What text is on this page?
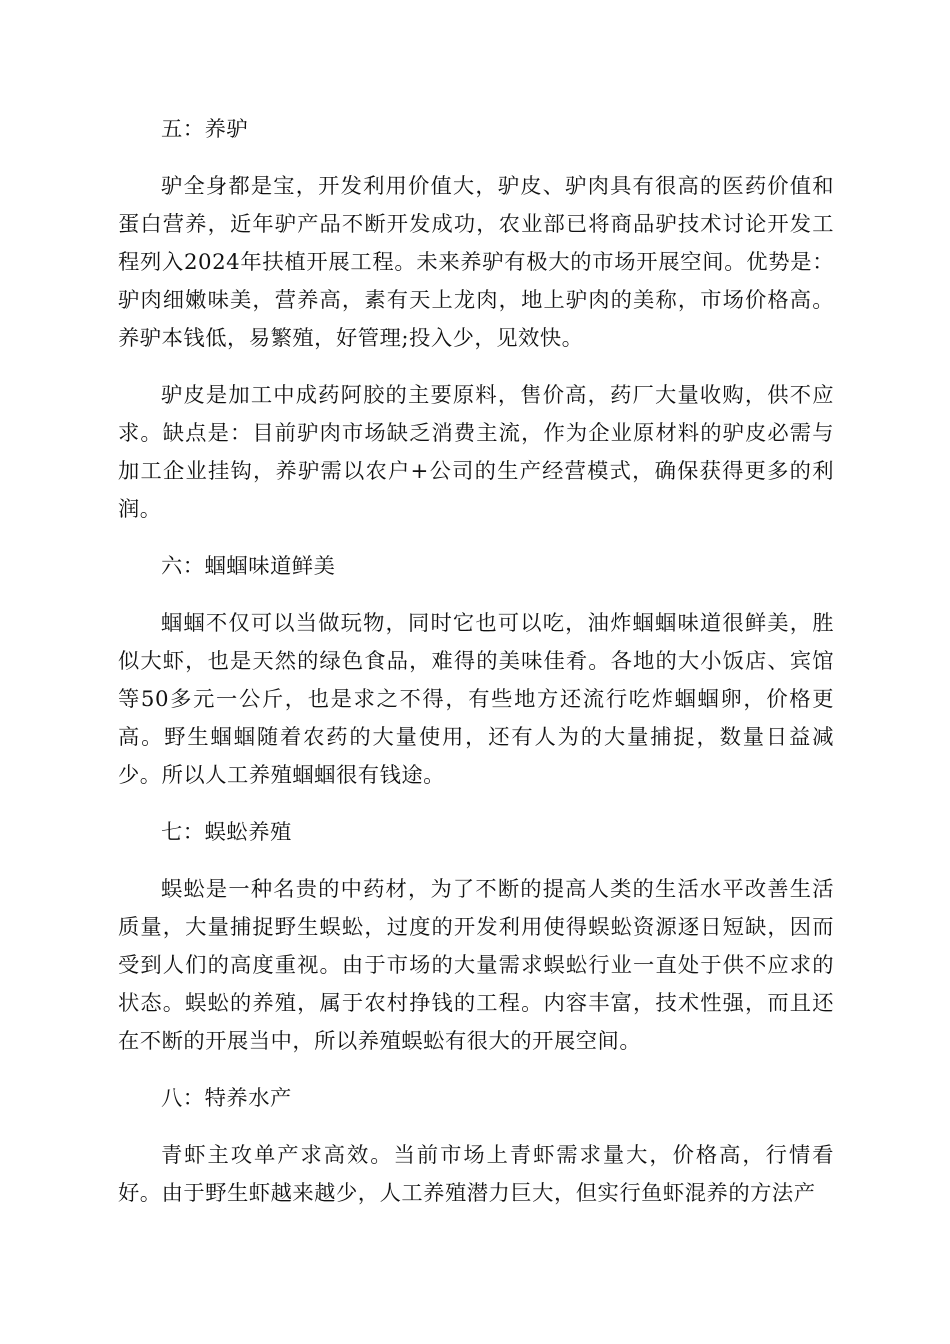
五：养驴

驴全身都是宝，开发利用价值大，驴皮、驴肉具有很高的医药价值和蛋白营养，近年驴产品不断开发成功，农业部已将商品驴技术讨论开发工程列入2024年扶植开展工程。未来养驴有极大的市场开展空间。优势是：驴肉细嫩味美，营养高，素有天上龙肉，地上驴肉的美称，市场价格高。养驴本钱低，易繁殖，好管理;投入少，见效快。

驴皮是加工中成药阿胶的主要原料，售价高，药厂大量收购，供不应求。缺点是：目前驴肉市场缺乏消费主流，作为企业原材料的驴皮必需与加工企业挂钩，养驴需以农户+公司的生产经营模式，确保获得更多的利润。

六：蝈蝈味道鲜美

蝈蝈不仅可以当做玩物，同时它也可以吃，油炸蝈蝈味道很鲜美，胜似大虾，也是天然的绿色食品，难得的美味佳肴。各地的大小饭店、宾馆等50多元一公斤，也是求之不得，有些地方还流行吃炸蝈蝈卵，价格更高。野生蝈蝈随着农药的大量使用，还有人为的大量捕捉，数量日益减少。所以人工养殖蝈蝈很有钱途。

七：蜈蚣养殖

蜈蚣是一种名贵的中药材，为了不断的提高人类的生活水平改善生活质量，大量捕捉野生蜈蚣，过度的开发利用使得蜈蚣资源逐日短缺，因而受到人们的高度重视。由于市场的大量需求蜈蚣行业一直处于供不应求的状态。蜈蚣的养殖，属于农村挣钱的工程。内容丰富，技术性强，而且还在不断的开展当中，所以养殖蜈蚣有很大的开展空间。

八：特养水产

青虾主攻单产求高效。当前市场上青虾需求量大，价格高，行情看好。由于野生虾越来越少，人工养殖潜力巨大，但实行鱼虾混养的方法产
